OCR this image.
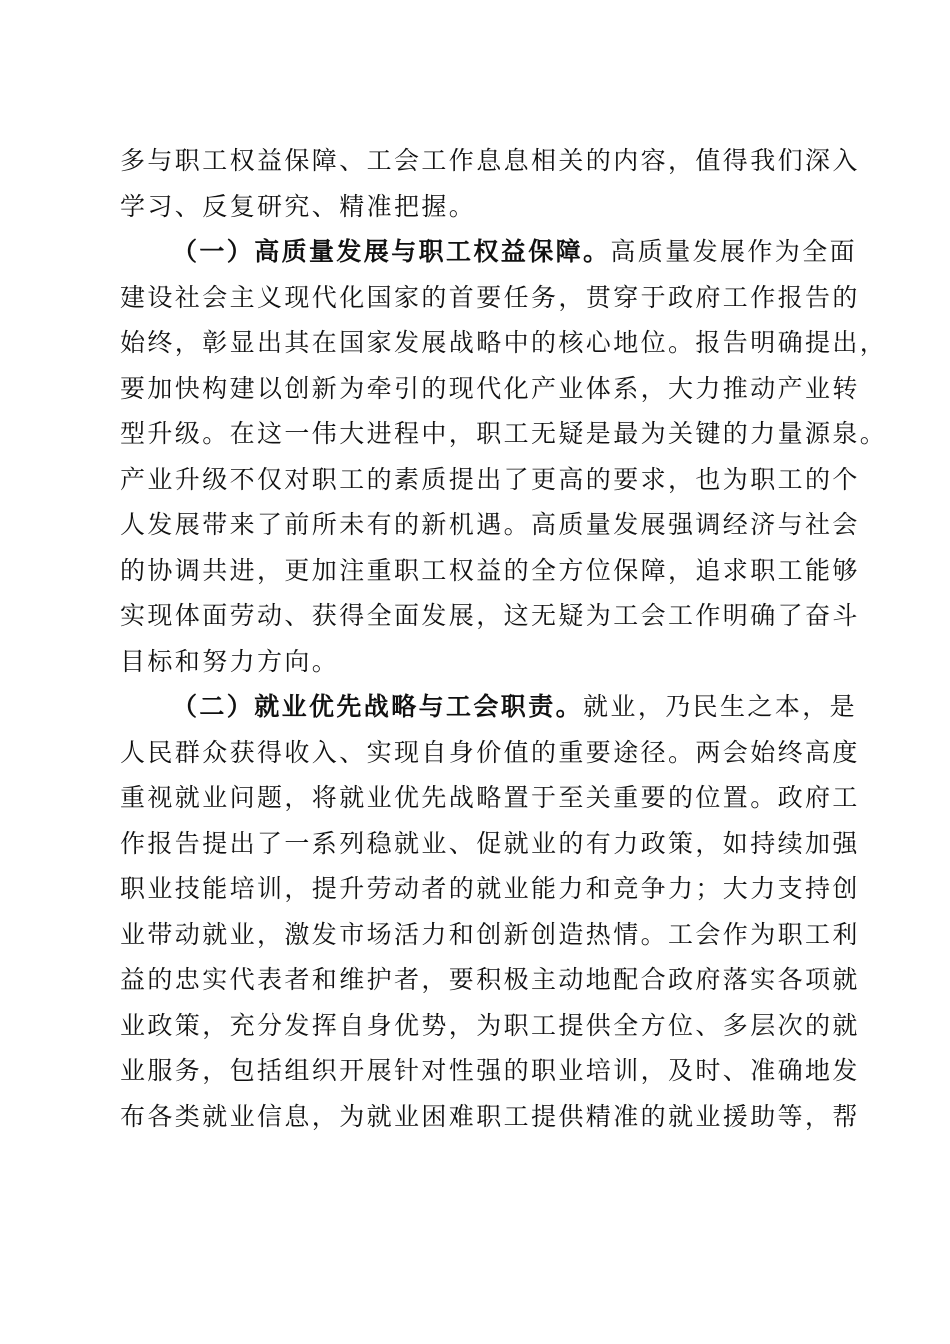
多与职工权益保障、工会工作息息相关的内容，值得我们深入
学习、反复研究、精准把握。
（一）高质量发展与职工权益保障。高质量发展作为全面
建设社会主义现代化国家的首要任务，贯穿于政府工作报告的
始终，彰显出其在国家发展战略中的核心地位。报告明确提出，
要加快构建以创新为牵引的现代化产业体系，大力推动产业转
型升级。在这一伟大进程中，职工无疑是最为关键的力量源泉。
产业升级不仅对职工的素质提出了更高的要求，也为职工的个
人发展带来了前所未有的新机遇。高质量发展强调经济与社会
的协调共进，更加注重职工权益的全方位保障，追求职工能够
实现体面劳动、获得全面发展，这无疑为工会工作明确了奋斗
目标和努力方向。
（二）就业优先战略与工会职责。就业，乃民生之本，是
人民群众获得收入、实现自身价值的重要途径。两会始终高度
重视就业问题，将就业优先战略置于至关重要的位置。政府工
作报告提出了一系列稳就业、促就业的有力政策，如持续加强
职业技能培训，提升劳动者的就业能力和竞争力；大力支持创
业带动就业，激发市场活力和创新创造热情。工会作为职工利
益的忠实代表者和维护者，要积极主动地配合政府落实各项就
业政策，充分发挥自身优势，为职工提供全方位、多层次的就
业服务，包括组织开展针对性强的职业培训，及时、准确地发
布各类就业信息，为就业困难职工提供精准的就业援助等，帮
